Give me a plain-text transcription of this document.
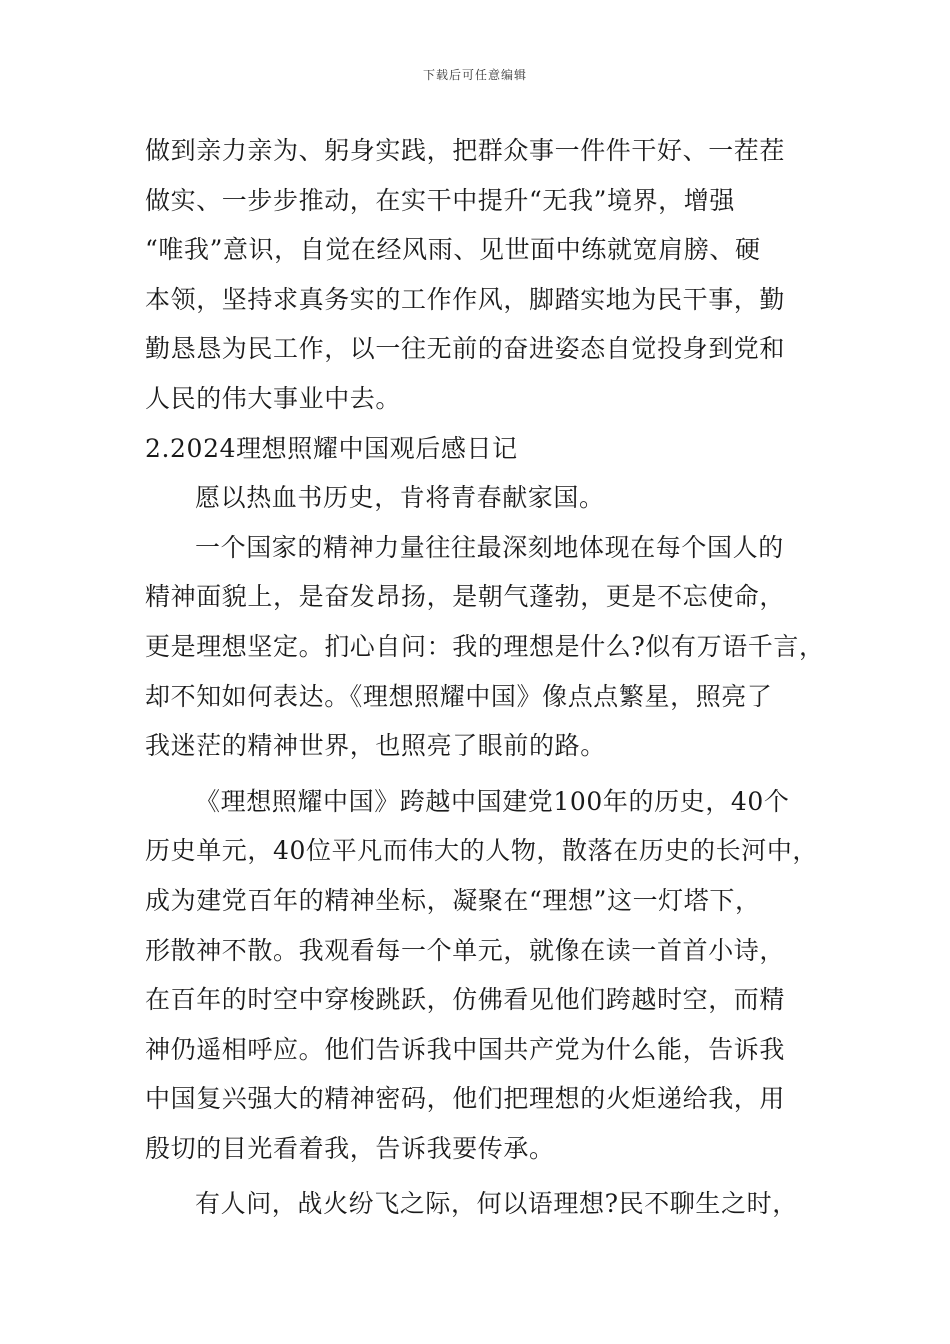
下载后可任意编辑
做到亲力亲为、躬身实践，把群众事一件件干好、一茬茬
做实、一步步推动，在实干中提升“无我”境界，增强
“唯我”意识，自觉在经风雨、见世面中练就宽肩膀、硬
本领，坚持求真务实的工作作风，脚踏实地为民干事，勤
勤恳恳为民工作，以一往无前的奋进姿态自觉投身到党和
人民的伟大事业中去。
2.2024理想照耀中国观后感日记
愿以热血书历史，肯将青春献家国。
一个国家的精神力量往往最深刻地体现在每个国人的
精神面貌上，是奋发昂扬，是朝气蓬勃，更是不忘使命，
更是理想坚定。扪心自问：我的理想是什么?似有万语千言，
却不知如何表达。《理想照耀中国》像点点繁星，照亮了
我迷茫的精神世界，也照亮了眼前的路。
《理想照耀中国》跨越中国建党100年的历史，40个
历史单元，40位平凡而伟大的人物，散落在历史的长河中，
成为建党百年的精神坐标，凝聚在“理想”这一灯塔下，
形散神不散。我观看每一个单元，就像在读一首首小诗，
在百年的时空中穿梭跳跃，仿佛看见他们跨越时空，而精
神仍遥相呼应。他们告诉我中国共产党为什么能，告诉我
中国复兴强大的精神密码，他们把理想的火炬递给我，用
殷切的目光看着我，告诉我要传承。
有人问，战火纷飞之际，何以语理想?民不聊生之时，
